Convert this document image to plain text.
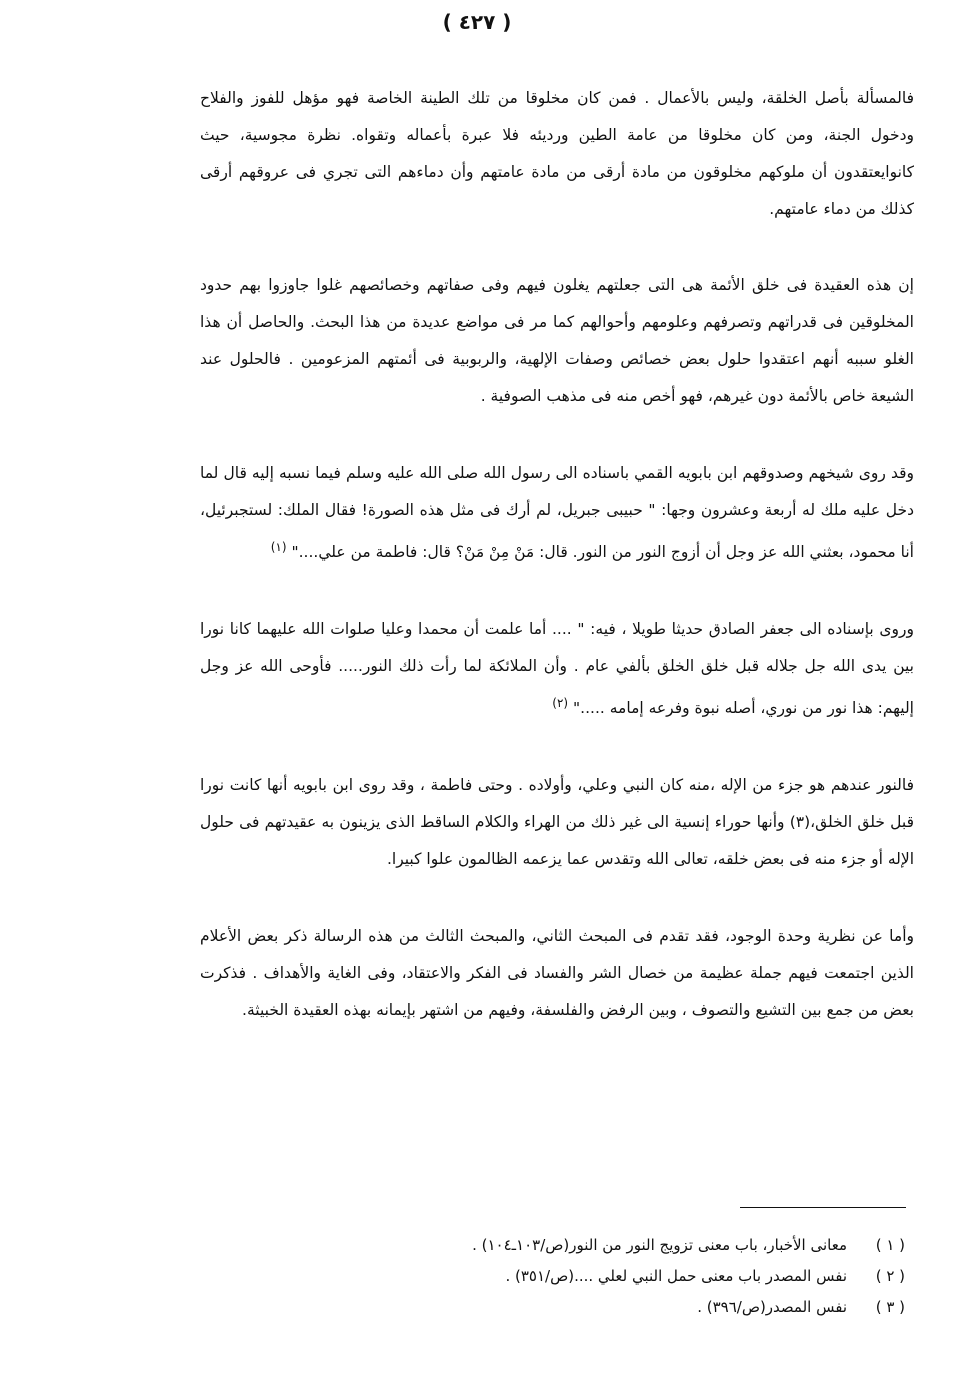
( ٤٢٧ )

فالمسألة بأصل الخلقة، وليس بالأعمال . فمن كان مخلوقا من تلك الطينة الخاصة فهو مؤهل للفوز والفلاح ودخول الجنة، ومن كان مخلوقا من عامة الطين ورديئه فلا عبرة بأعماله وتقواه. نظرة مجوسية، حيث كانوايعتقدون أن ملوكهم مخلوقون من مادة أرقى من مادة عامتهم وأن دماءهم التى تجري فى عروقهم أرقى كذلك من دماء عامتهم.

إن هذه العقيدة فى خلق الأئمة هى التى جعلتهم يغلون فيهم وفى صفاتهم وخصائصهم غلوا جاوزوا بهم حدود المخلوقين فى قدراتهم وتصرفهم وعلومهم وأحوالهم كما مر فى مواضع عديدة من هذا البحث. والحاصل أن هذا الغلو سببه أنهم اعتقدوا حلول بعض خصائص وصفات الإلهية، والربوبية فى أئمتهم المزعومين . فالحلول عند الشيعة خاص بالأئمة دون غيرهم، فهو أخص منه فى مذهب الصوفية .

وقد روى شيخهم وصدوقهم ابن بابويه القمي باسناده الى رسول الله صلى الله عليه وسلم فيما نسبه إليه قال لما دخل عليه ملك له أربعة وعشرون وجها: " حبيبى جبريل، لم أرك فى مثل هذه الصورة! فقال الملك: لستجبرئيل، أنا محمود، بعثني الله عز وجل أن أزوج النور من النور. قال: مَنْ مِنْ مَنْ؟ قال: فاطمة من علي...." $^{(١)}$

وروى بإسناده الى جعفر الصادق حديثا طويلا ، فيه: " .... أما علمت أن محمدا وعليا صلوات الله عليهما كانا نورا بين يدى الله جل جلاله قبل خلق الخلق بألفي عام . وأن الملائكة لما رأت ذلك النور..... فأوحى الله عز وجل إليهم: هذا نور من نوري، أصله نبوة وفرعه إمامه ....." $^{(٢)}$

فالنور عندهم هو جزء من الإله ،منه كان النبي وعلي، وأولاده . وحتى فاطمة ، وقد روى ابن بابويه أنها كانت نورا قبل خلق الخلق،(٣) وأنها حوراء إنسية الى غير ذلك من الهراء والكلام الساقط الذى يزينون به عقيدتهم فى حلول الإله أو جزء منه فى بعض خلقه، تعالى الله وتقدس عما يزعمه الظالمون علوا كبيرا.

وأما عن نظرية وحدة الوجود، فقد تقدم فى المبحث الثاني، والمبحث الثالث من هذه الرسالة ذكر بعض الأعلام الذين اجتمعت فيهم جملة عظيمة من خصال الشر والفساد فى الفكر والاعتقاد، وفى الغاية والأهداف . فذكرت بعض من جمع بين التشيع والتصوف ، وبين الرفض والفلسفة، وفيهم من اشتهر بإيمانه بهذه العقيدة الخبيثة.

( ١ )
معانى الأخبار، باب معنى تزويج النور من النور(ص/١٠٣ـ١٠٤) .
( ٢ )
نفس المصدر باب معنى حمل النبي لعلي ....(ص/٣٥١) .
( ٣ )
نفس المصدر(ص/٣٩٦) .
